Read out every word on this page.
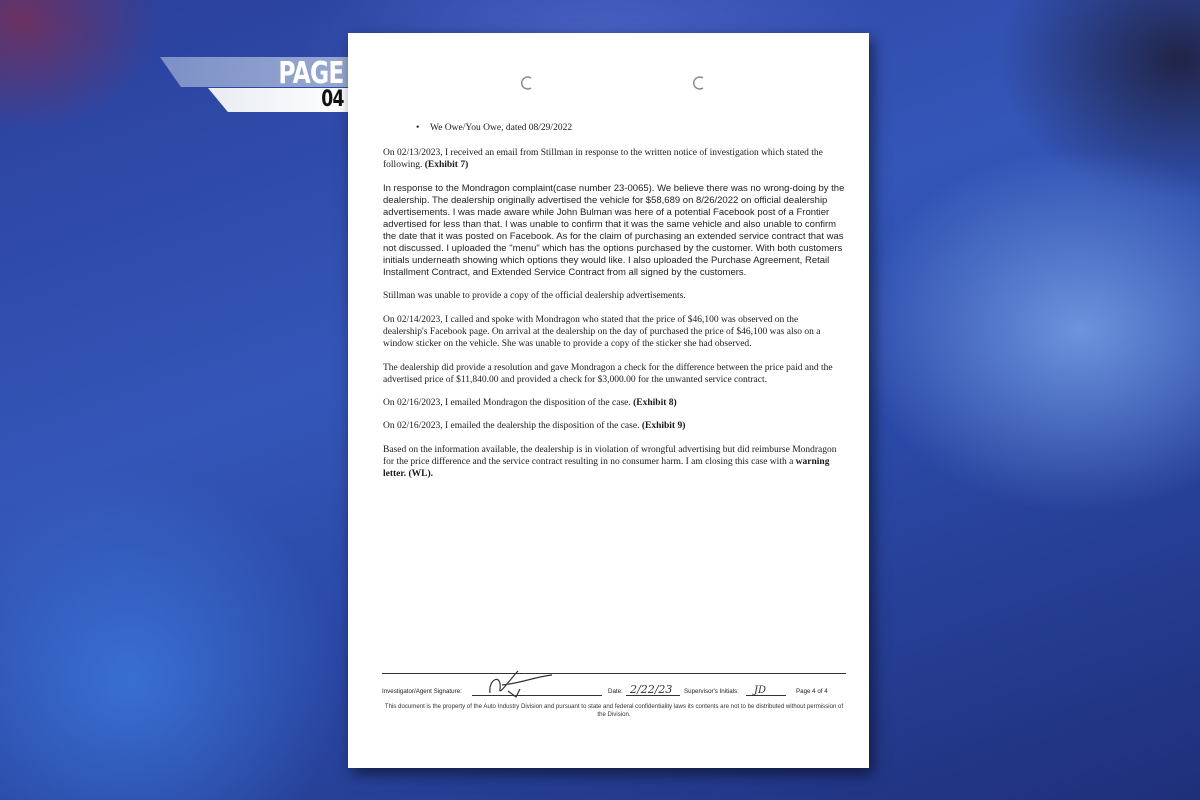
PAGE
04
• We Owe/You Owe, dated 08/29/2022

On 02/13/2023, I received an email from Stillman in response to the written notice of investigation which stated the following. (Exhibit 7)

In response to the Mondragon complaint(case number 23-0065). We believe there was no wrong-doing by the dealership. The dealership originally advertised the vehicle for $58,689 on 8/26/2022 on official dealership advertisements. I was made aware while John Bulman was here of a potential Facebook post of a Frontier advertised for less than that. I was unable to confirm that it was the same vehicle and also unable to confirm the date that it was posted on Facebook. As for the claim of purchasing an extended service contract that was not discussed. I uploaded the "menu" which has the options purchased by the customer. With both customers initials underneath showing which options they would like. I also uploaded the Purchase Agreement, Retail Installment Contract, and Extended Service Contract from all signed by the customers.

Stillman was unable to provide a copy of the official dealership advertisements.

On 02/14/2023, I called and spoke with Mondragon who stated that the price of $46,100 was observed on the dealership's Facebook page. On arrival at the dealership on the day of purchased the price of $46,100 was also on a window sticker on the vehicle. She was unable to provide a copy of the sticker she had observed.

The dealership did provide a resolution and gave Mondragon a check for the difference between the price paid and the advertised price of $11,840.00 and provided a check for $3,000.00 for the unwanted service contract.

On 02/16/2023, I emailed Mondragon the disposition of the case. (Exhibit 8)

On 02/16/2023, I emailed the dealership the disposition of the case. (Exhibit 9)

Based on the information available, the dealership is in violation of wrongful advertising but did reimburse Mondragon for the price difference and the service contract resulting in no consumer harm. I am closing this case with a warning letter. (WL).

Investigator/Agent Signature:	Date: 2/22/23 Supervisor's Initials: JD	Page 4 of 4
This document is the property of the Auto Industry Division and pursuant to state and federal confidentiality laws its contents are not to be distributed without permission of the Division.
